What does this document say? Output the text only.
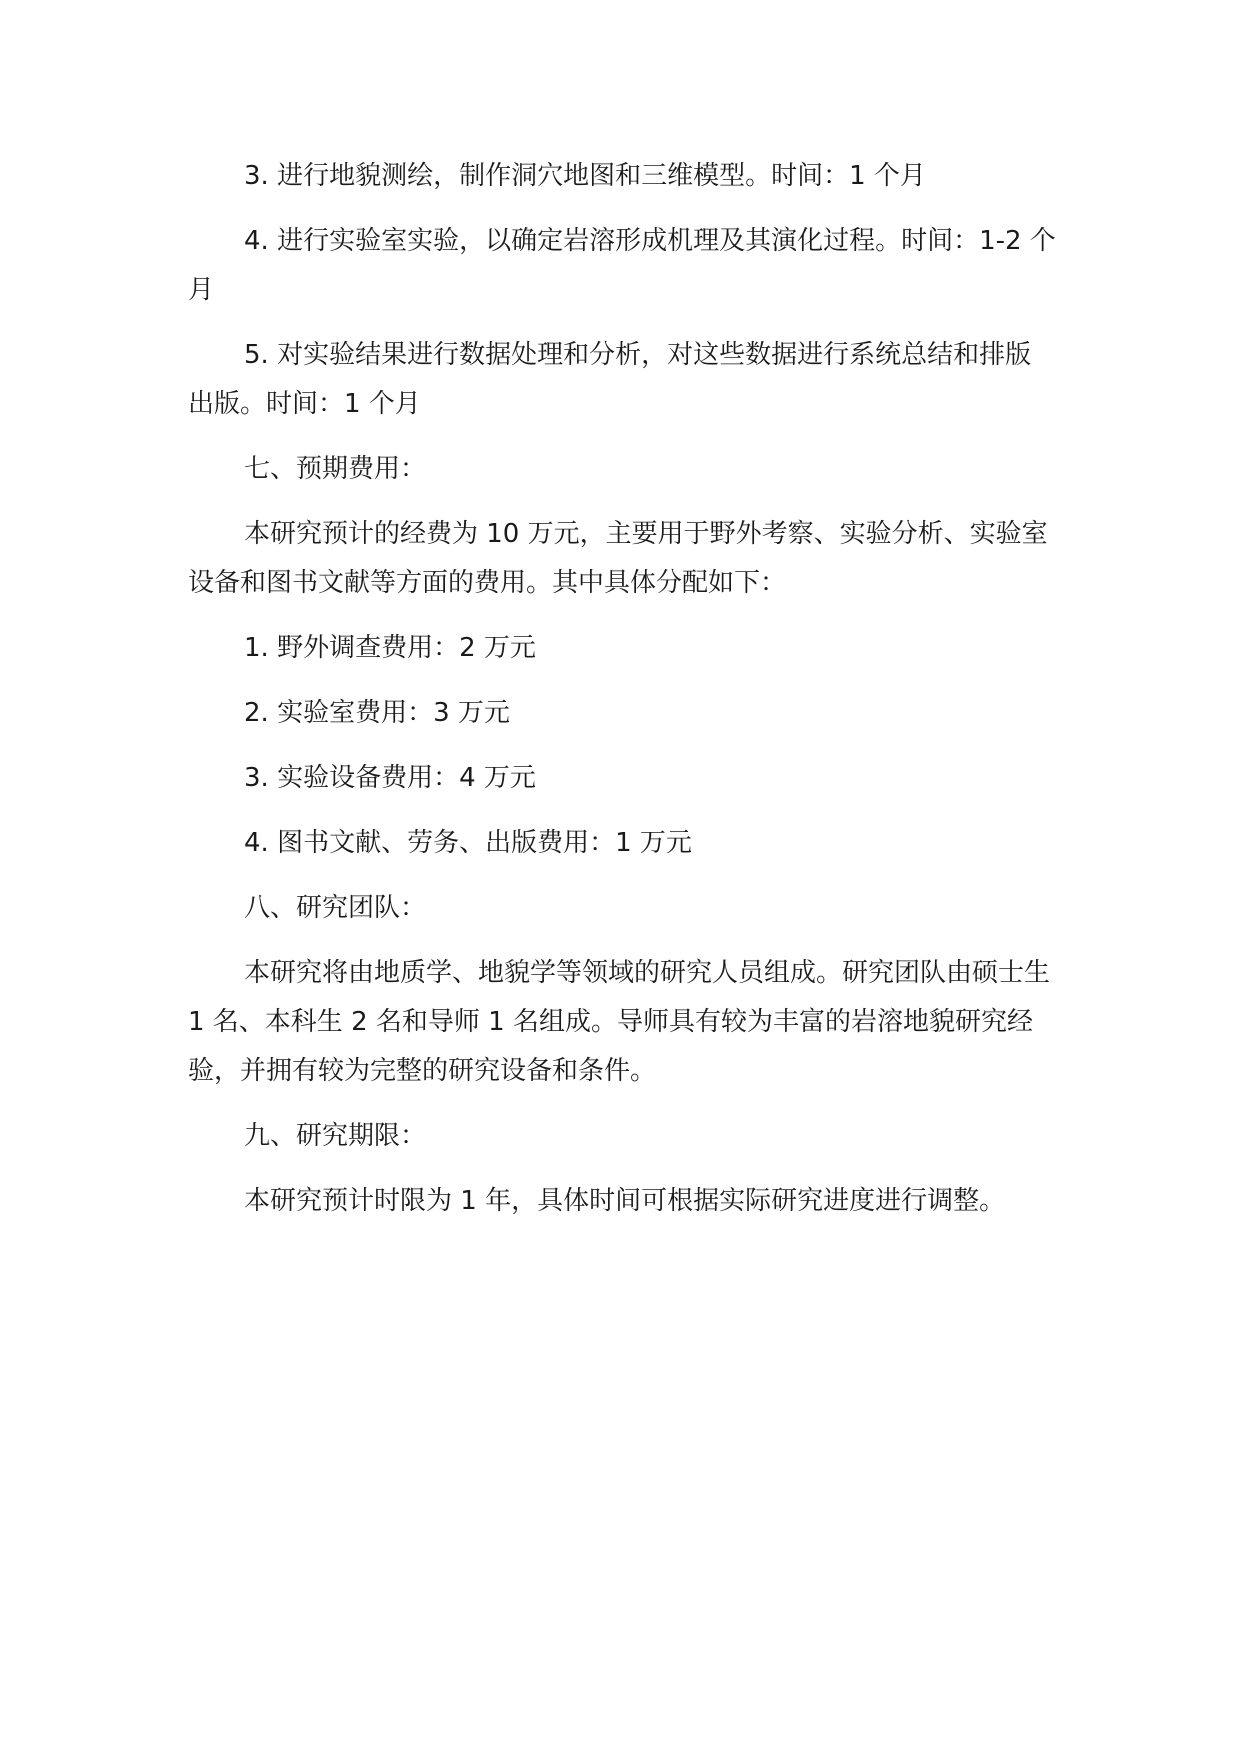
3. 进行地貌测绘，制作洞穴地图和三维模型。时间：1 个月

4. 进行实验室实验，以确定岩溶形成机理及其演化过程。时间：1-2 个月

5. 对实验结果进行数据处理和分析，对这些数据进行系统总结和排版出版。时间：1 个月

七、预期费用：

本研究预计的经费为 10 万元，主要用于野外考察、实验分析、实验室设备和图书文献等方面的费用。其中具体分配如下：

1. 野外调查费用：2 万元

2. 实验室费用：3 万元

3. 实验设备费用：4 万元

4. 图书文献、劳务、出版费用：1 万元

八、研究团队：

本研究将由地质学、地貌学等领域的研究人员组成。研究团队由硕士生 1 名、本科生 2 名和导师 1 名组成。导师具有较为丰富的岩溶地貌研究经验，并拥有较为完整的研究设备和条件。

九、研究期限：

本研究预计时限为 1 年，具体时间可根据实际研究进度进行调整。
